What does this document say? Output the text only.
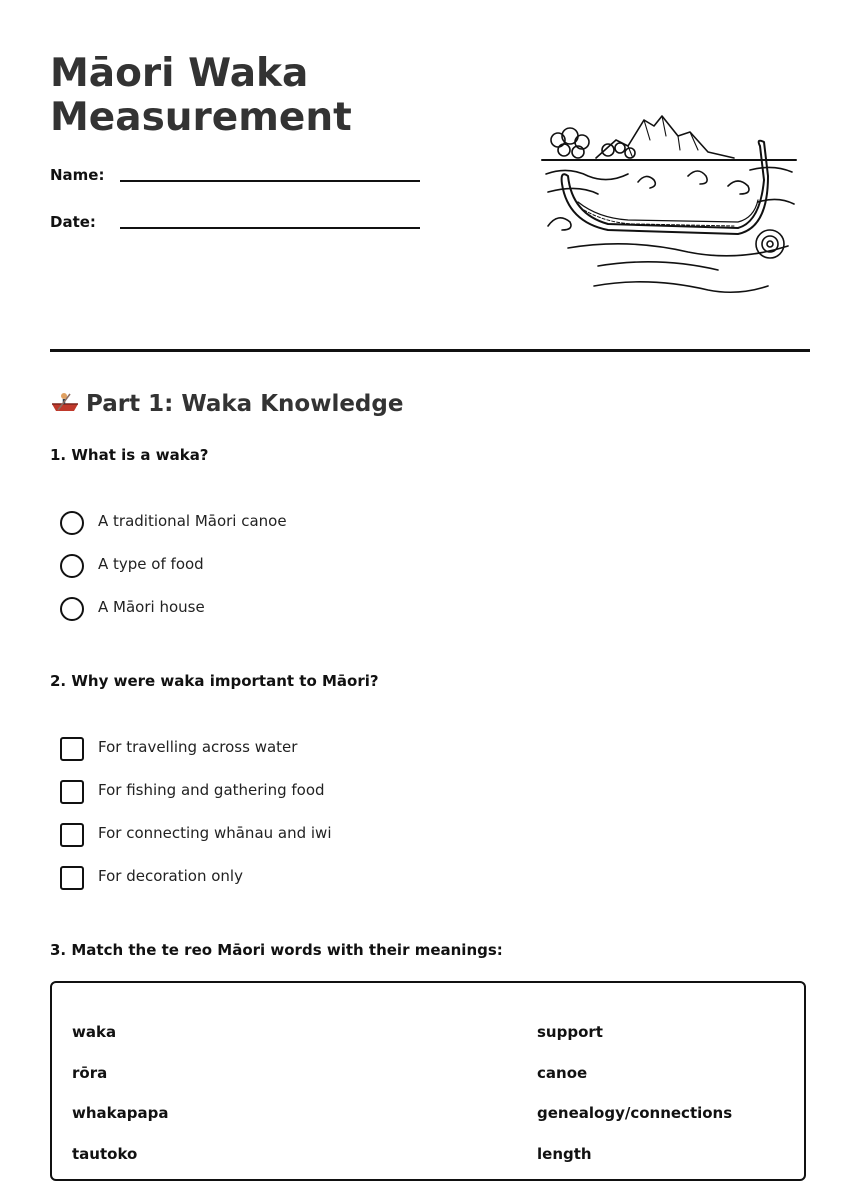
Māori Waka
Measurement
Name:
Date:
Part 1: Waka Knowledge

1. What is a waka?

A traditional Māori canoe
A type of food
A Māori house

2. Why were waka important to Māori?

For travelling across water
For fishing and gathering food
For connecting whānau and iwi
For decoration only

3. Match the te reo Māori words with their meanings:

waka
rōra
whakapapa
tautoko
support
canoe
genealogy/connections
length
